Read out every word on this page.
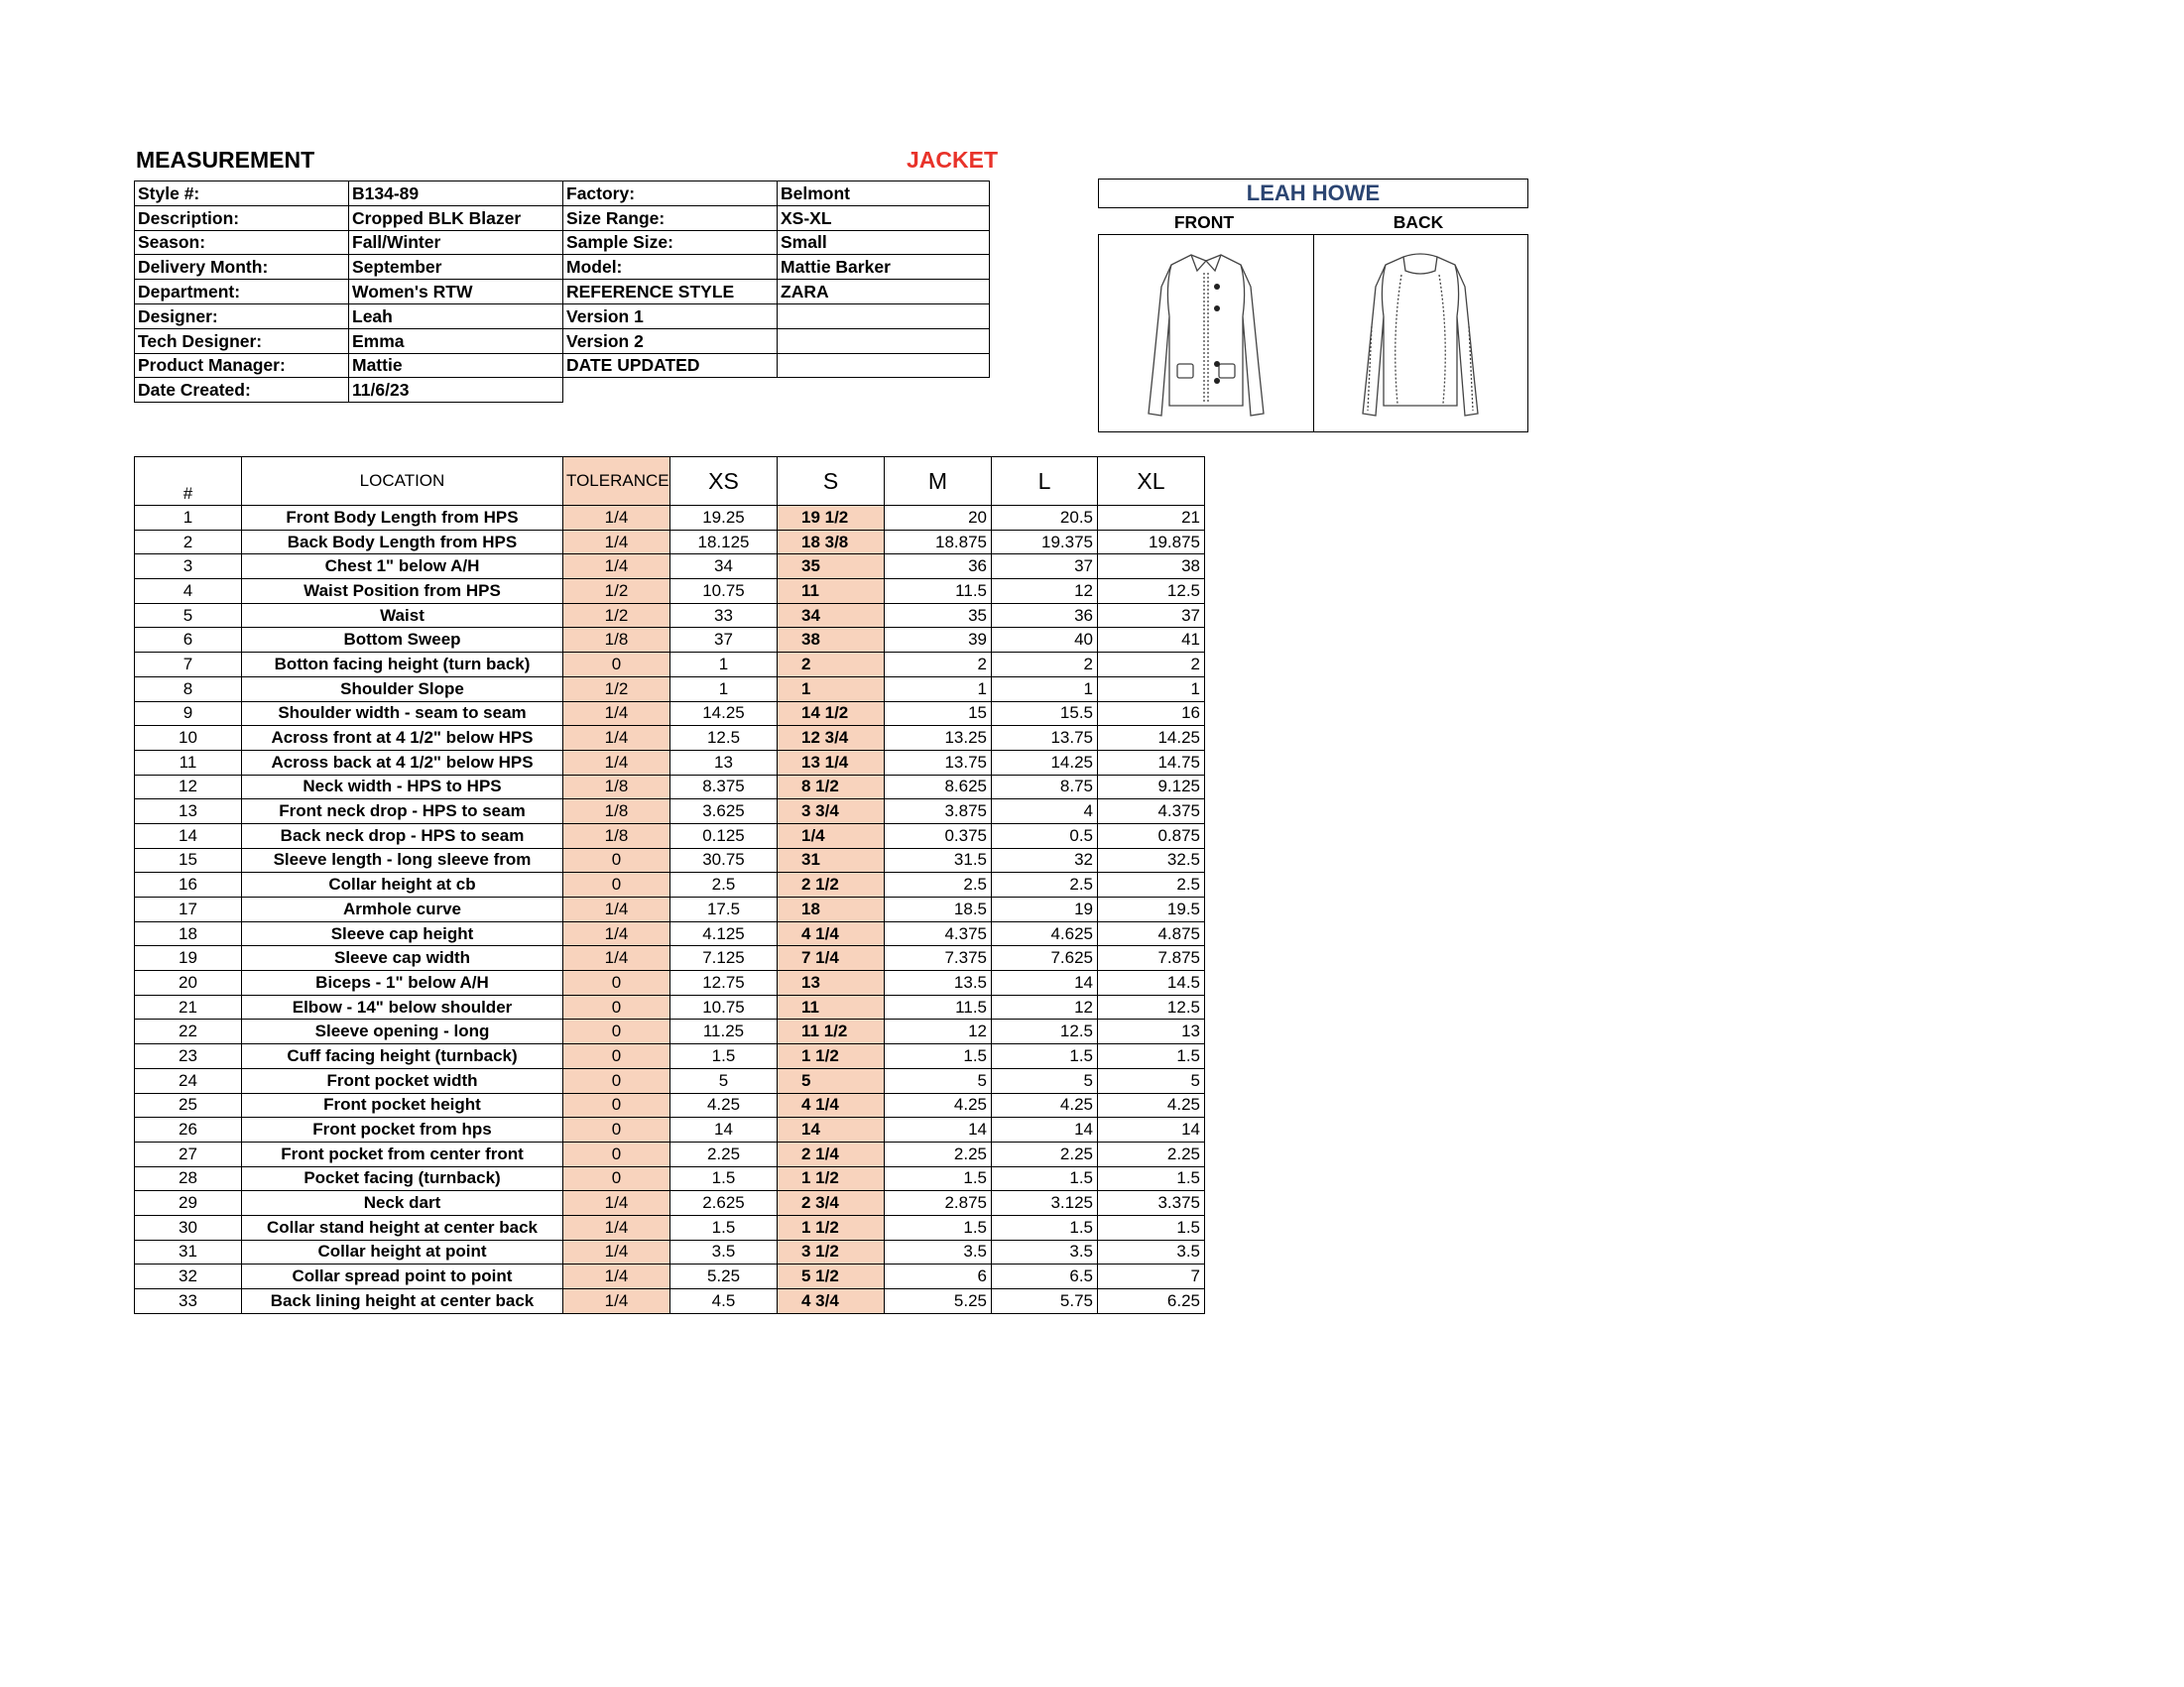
MEASUREMENT	JACKET
Style #:	B134-89	Factory:	Belmont
Description:	Cropped BLK Blazer	Size Range:	XS-XL
Season:	Fall/Winter	Sample Size:	Small
Delivery Month:	September	Model:	Mattie Barker
Department:	Women's RTW	REFERENCE STYLE	ZARA
Designer:	Leah	Version 1	
Tech Designer:	Emma	Version 2	
Product Manager:	Mattie	DATE UPDATED	
Date Created:	11/6/23		
LEAH HOWE
FRONT	BACK
#	LOCATION	TOLERANCE	XS	S	M	L	XL
1	Front Body Length from HPS	1/4	19.25	19 1/2	20	20.5	21
2	Back Body Length from HPS	1/4	18.125	18 3/8	18.875	19.375	19.875
3	Chest 1" below A/H	1/4	34	35	36	37	38
4	Waist Position from HPS	1/2	10.75	11	11.5	12	12.5
5	Waist	1/2	33	34	35	36	37
6	Bottom Sweep	1/8	37	38	39	40	41
7	Botton facing height (turn back)	0	1	2	2	2	2
8	Shoulder Slope	1/2	1	1	1	1	1
9	Shoulder width - seam to seam	1/4	14.25	14 1/2	15	15.5	16
10	Across front at 4 1/2" below HPS	1/4	12.5	12 3/4	13.25	13.75	14.25
11	Across back at 4 1/2" below HPS	1/4	13	13 1/4	13.75	14.25	14.75
12	Neck width - HPS to HPS	1/8	8.375	8 1/2	8.625	8.75	9.125
13	Front neck drop - HPS to seam	1/8	3.625	3 3/4	3.875	4	4.375
14	Back neck drop - HPS to seam	1/8	0.125	1/4	0.375	0.5	0.875
15	Sleeve length - long sleeve from	0	30.75	31	31.5	32	32.5
16	Collar height at cb	0	2.5	2 1/2	2.5	2.5	2.5
17	Armhole curve	1/4	17.5	18	18.5	19	19.5
18	Sleeve cap height	1/4	4.125	4 1/4	4.375	4.625	4.875
19	Sleeve cap width	1/4	7.125	7 1/4	7.375	7.625	7.875
20	Biceps - 1" below A/H	0	12.75	13	13.5	14	14.5
21	Elbow - 14" below shoulder	0	10.75	11	11.5	12	12.5
22	Sleeve opening - long	0	11.25	11 1/2	12	12.5	13
23	Cuff facing height (turnback)	0	1.5	1 1/2	1.5	1.5	1.5
24	Front pocket width	0	5	5	5	5	5
25	Front pocket height	0	4.25	4 1/4	4.25	4.25	4.25
26	Front pocket from hps	0	14	14	14	14	14
27	Front pocket from center front	0	2.25	2 1/4	2.25	2.25	2.25
28	Pocket facing (turnback)	0	1.5	1 1/2	1.5	1.5	1.5
29	Neck dart	1/4	2.625	2 3/4	2.875	3.125	3.375
30	Collar stand height at center back	1/4	1.5	1 1/2	1.5	1.5	1.5
31	Collar height at point	1/4	3.5	3 1/2	3.5	3.5	3.5
32	Collar spread point to point	1/4	5.25	5 1/2	6	6.5	7
33	Back lining height at center back	1/4	4.5	4 3/4	5.25	5.75	6.25
